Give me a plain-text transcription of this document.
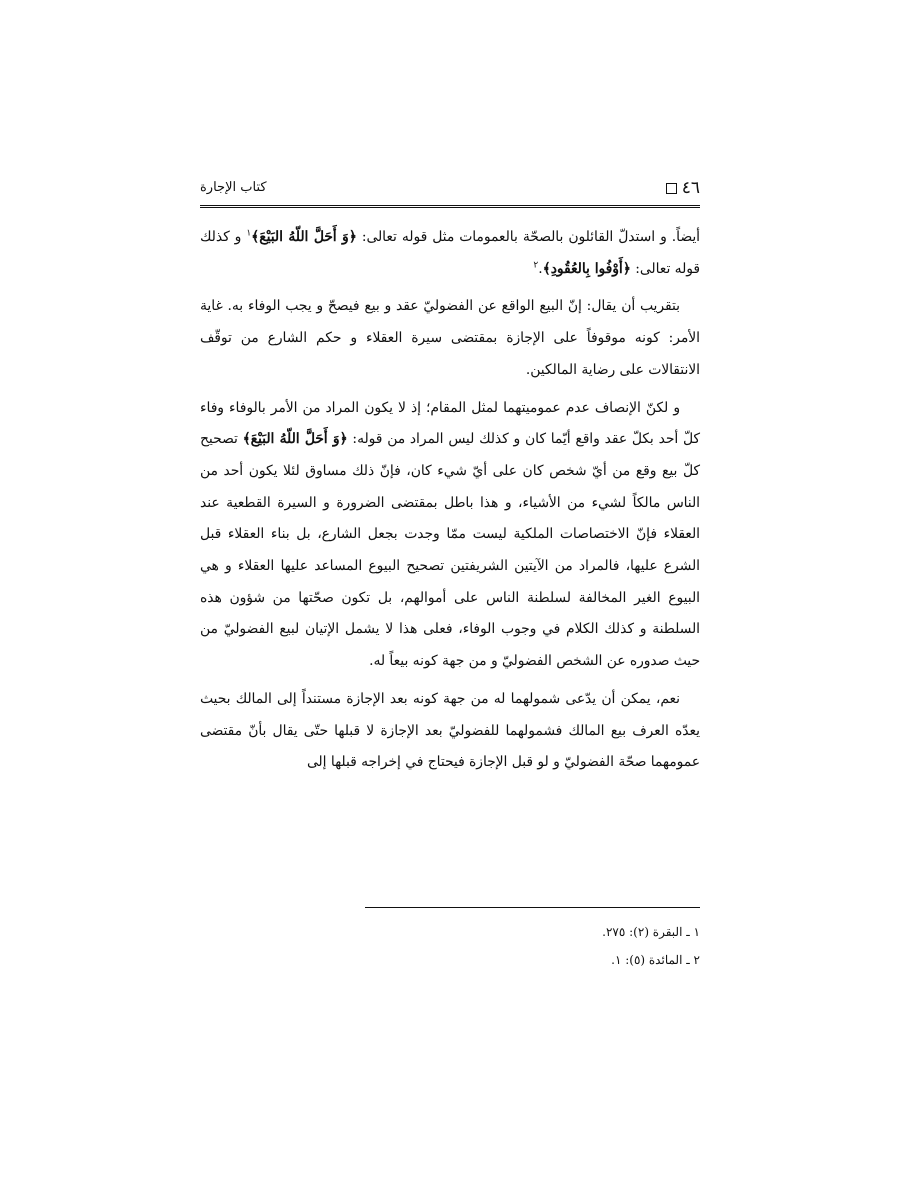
٤٦
كتاب الإجارة

أيضاً. و استدلّ القائلون بالصحّة بالعمومات مثل قوله تعالى: ﴿وَ أَحَلَّ اللّهُ البَيْعَ﴾$^١$ و كذلك قوله تعالى: ﴿أَوْفُوا بِالعُقُودِ﴾.$^٢$

بتقريب أن يقال: إنّ البيع الواقع عن الفضوليّ عقد و بيع فيصحّ و يجب الوفاء به. غاية الأمر: كونه موقوفاً على الإجازة بمقتضى سيرة العقلاء و حكم الشارع من توقّف الانتقالات على رضاية المالكين.

و لكنّ الإنصاف عدم عموميتهما لمثل المقام؛ إذ لا يكون المراد من الأمر بالوفاء وفاء كلّ أحد بكلّ عقد واقع أيّما كان و كذلك ليس المراد من قوله: ﴿وَ أَحَلَّ اللّهُ البَيْعَ﴾ تصحيح كلّ بيع وقع من أيّ شخص كان على أيّ شيء كان، فإنّ ذلك مساوق لئلا يكون أحد من الناس مالكاً لشيء من الأشياء، و هذا باطل بمقتضى الضرورة و السيرة القطعية عند العقلاء فإنّ الاختصاصات الملكية ليست ممّا وجدت بجعل الشارع، بل بناء العقلاء قبل الشرع عليها، فالمراد من الآيتين الشريفتين تصحيح البيوع المساعد عليها العقلاء و هي البيوع الغير المخالفة لسلطنة الناس على أموالهم، بل تكون صحّتها من شؤون هذه السلطنة و كذلك الكلام في وجوب الوفاء، فعلى هذا لا يشمل الإتيان لبيع الفضوليّ من حيث صدوره عن الشخص الفضوليّ و من جهة كونه بيعاً له.

نعم، يمكن أن يدّعى شمولهما له من جهة كونه بعد الإجازة مستنداً إلى المالك بحيث يعدّه العرف بيع المالك فشمولهما للفضوليّ بعد الإجازة لا قبلها حتّى يقال بأنّ مقتضى عمومهما صحّة الفضوليّ و لو قبل الإجازة فيحتاج في إخراجه قبلها إلى

١ ـ البقرة (٢): ٢٧٥.
٢ ـ المائدة (٥): ١.
